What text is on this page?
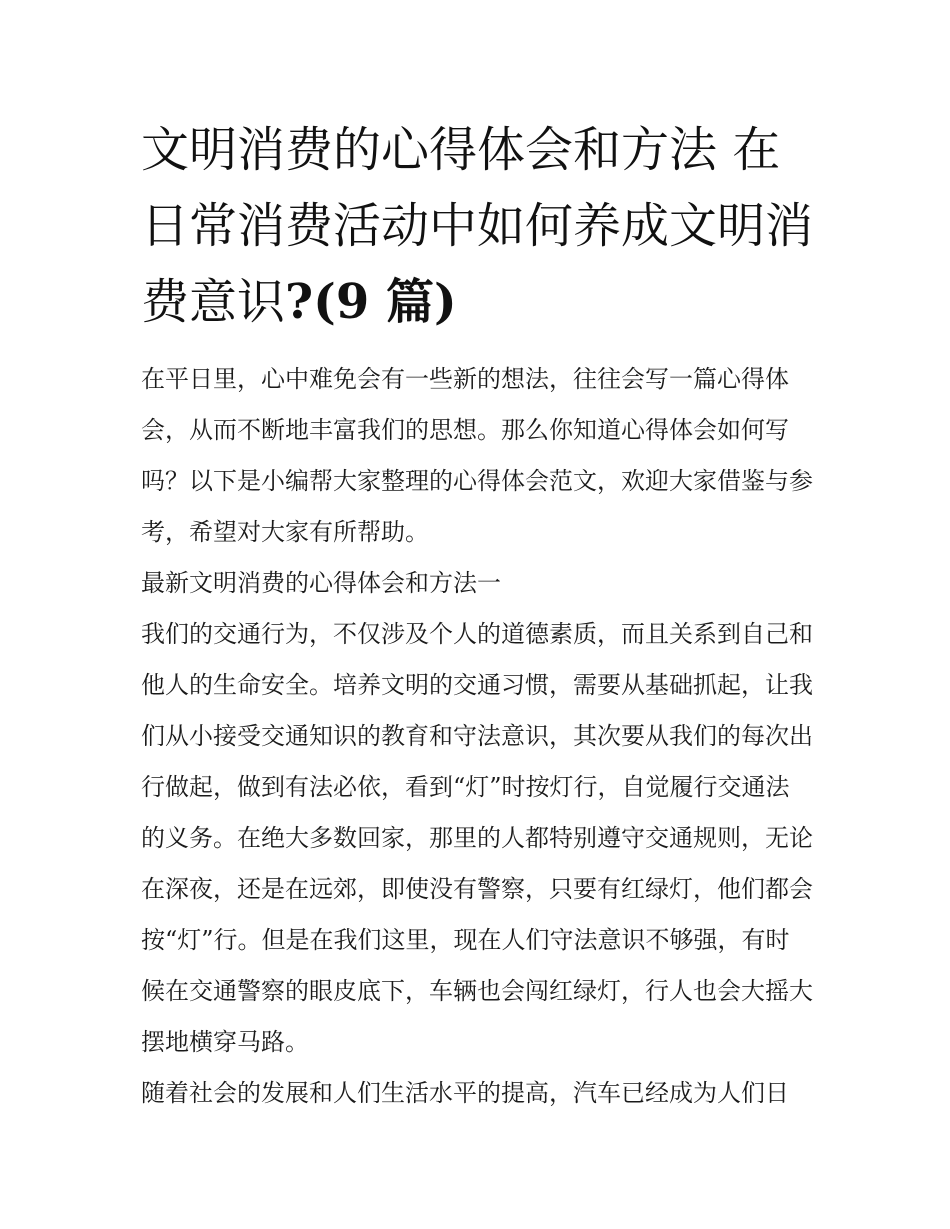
文明消费的心得体会和方法 在日常消费活动中如何养成文明消费意识?(9 篇)

在平日里，心中难免会有一些新的想法，往往会写一篇心得体会，从而不断地丰富我们的思想。那么你知道心得体会如何写吗？以下是小编帮大家整理的心得体会范文，欢迎大家借鉴与参考，希望对大家有所帮助。

最新文明消费的心得体会和方法一

我们的交通行为，不仅涉及个人的道德素质，而且关系到自己和他人的生命安全。培养文明的交通习惯，需要从基础抓起，让我们从小接受交通知识的教育和守法意识，其次要从我们的每次出行做起，做到有法必依，看到“灯”时按灯行，自觉履行交通法的义务。在绝大多数回家，那里的人都特别遵守交通规则，无论在深夜，还是在远郊，即使没有警察，只要有红绿灯，他们都会按“灯”行。但是在我们这里，现在人们守法意识不够强，有时候在交通警察的眼皮底下，车辆也会闯红绿灯，行人也会大摇大摆地横穿马路。

随着社会的发展和人们生活水平的提高，汽车已经成为人们日
